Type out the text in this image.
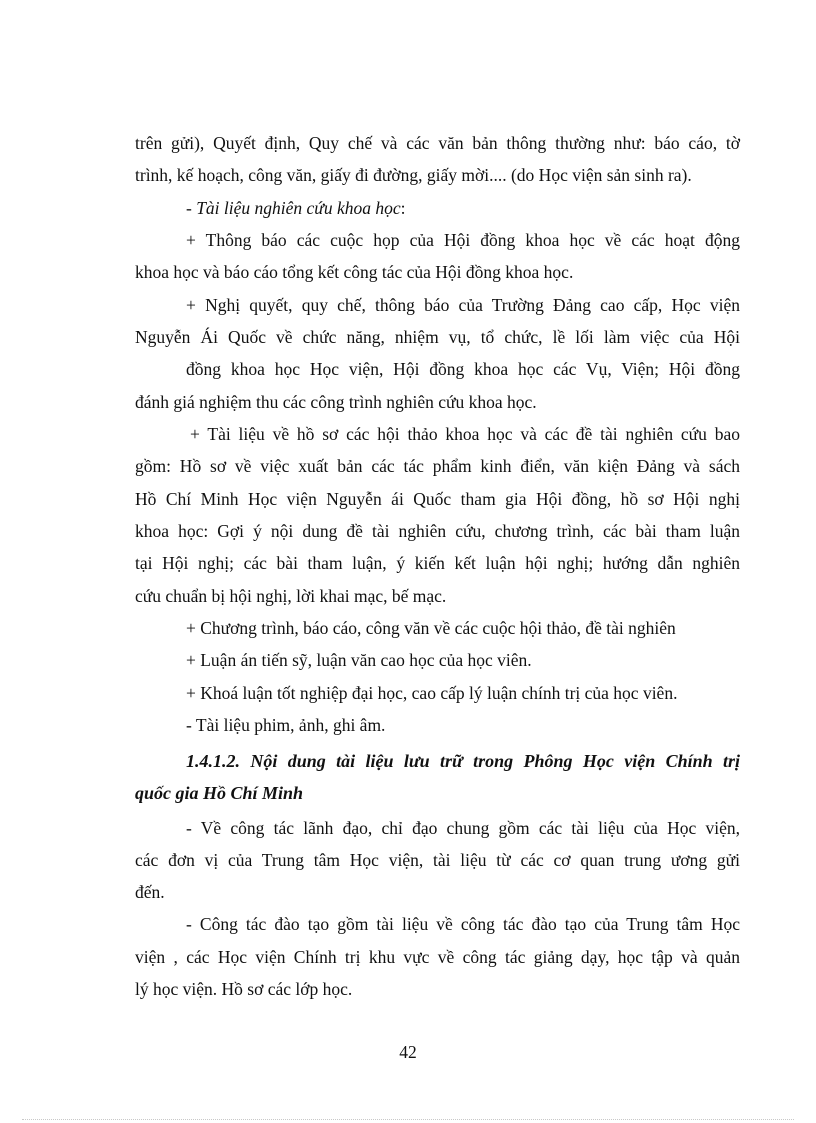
trên gửi), Quyết định, Quy chế và các văn bản thông thường như: báo cáo, tờ
trình, kế hoạch, công văn, giấy đi đường, giấy mời.... (do Học viện sản sinh ra).
- Tài liệu nghiên cứu khoa học:
+ Thông báo các cuộc họp của Hội đồng khoa học về các hoạt động
khoa học và báo cáo tổng kết công tác của Hội đồng khoa học.
+ Nghị quyết, quy chế, thông báo của Trường Đảng cao cấp, Học viện
Nguyễn Ái Quốc về chức năng, nhiệm vụ, tổ chức, lề lối làm việc của Hội
đồng khoa học Học viện, Hội đồng khoa học các Vụ, Viện; Hội đồng
đánh giá nghiệm thu các công trình nghiên cứu khoa học.
+ Tài liệu về hồ sơ các hội thảo khoa học và các đề tài nghiên cứu bao
gồm: Hồ sơ về việc xuất bản các tác phẩm kinh điển, văn kiện Đảng và sách
Hồ Chí Minh Học viện Nguyễn ái Quốc tham gia Hội đồng, hồ sơ Hội nghị
khoa học: Gợi ý nội dung đề tài nghiên cứu, chương trình, các bài tham luận
tại Hội nghị; các bài tham luận, ý kiến kết luận hội nghị; hướng dẫn nghiên
cứu chuẩn bị hội nghị, lời khai mạc, bế mạc.
+ Chương trình, báo cáo, công văn về các cuộc hội thảo, đề tài nghiên
+ Luận án tiến sỹ, luận văn cao học của học viên.
+ Khoá luận tốt nghiệp đại học, cao cấp lý luận chính trị của học viên.
- Tài liệu phim, ảnh, ghi âm.
1.4.1.2. Nội dung tài liệu lưu trữ trong Phông Học viện Chính trị
quốc gia Hồ Chí Minh
- Về công tác lãnh đạo, chỉ đạo chung gồm các tài liệu của Học viện,
các đơn vị của Trung tâm Học viện, tài liệu từ các cơ quan trung ương gửi
đến.
- Công tác đào tạo gồm tài liệu về công tác đào tạo của Trung tâm Học
viện , các Học viện Chính trị khu vực về công tác giảng dạy, học tập và quản
lý học viện. Hồ sơ các lớp học.
42
